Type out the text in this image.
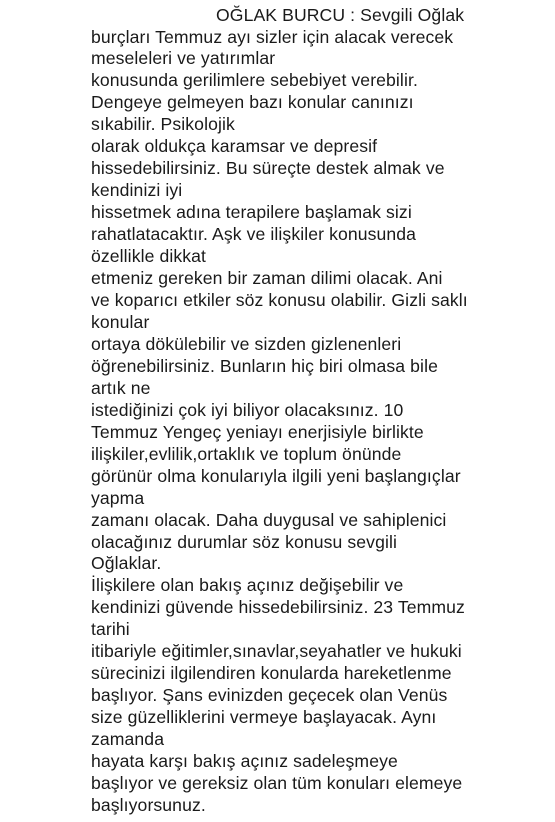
OĞLAK BURCU : Sevgili Oğlak
burçları Temmuz ayı sizler için alacak verecek
meseleleri ve yatırımlar
konusunda gerilimlere sebebiyet verebilir.
Dengeye gelmeyen bazı konular canınızı
sıkabilir. Psikolojik
olarak oldukça karamsar ve depresif
hissedebilirsiniz. Bu süreçte destek almak ve
kendinizi iyi
hissetmek adına terapilere başlamak sizi
rahatlatacaktır. Aşk ve ilişkiler konusunda
özellikle dikkat
etmeniz gereken bir zaman dilimi olacak. Ani
ve koparıcı etkiler söz konusu olabilir. Gizli saklı
konular
ortaya dökülebilir ve sizden gizlenenleri
öğrenebilirsiniz. Bunların hiç biri olmasa bile
artık ne
istediğinizi çok iyi biliyor olacaksınız. 10
Temmuz Yengeç yeniayı enerjisiyle birlikte
ilişkiler,evlilik,ortaklık ve toplum önünde
görünür olma konularıyla ilgili yeni başlangıçlar
yapma
zamanı olacak. Daha duygusal ve sahiplenici
olacağınız durumlar söz konusu sevgili
Oğlaklar.
İlişkilere olan bakış açınız değişebilir ve
kendinizi güvende hissedebilirsiniz. 23 Temmuz
tarihi
itibariyle eğitimler,sınavlar,seyahatler ve hukuki
sürecinizi ilgilendiren konularda hareketlenme
başlıyor. Şans evinizden geçecek olan Venüs
size güzelliklerini vermeye başlayacak. Aynı
zamanda
hayata karşı bakış açınız sadeleşmeye
başlıyor ve gereksiz olan tüm konuları elemeye
başlıyorsunuz.
